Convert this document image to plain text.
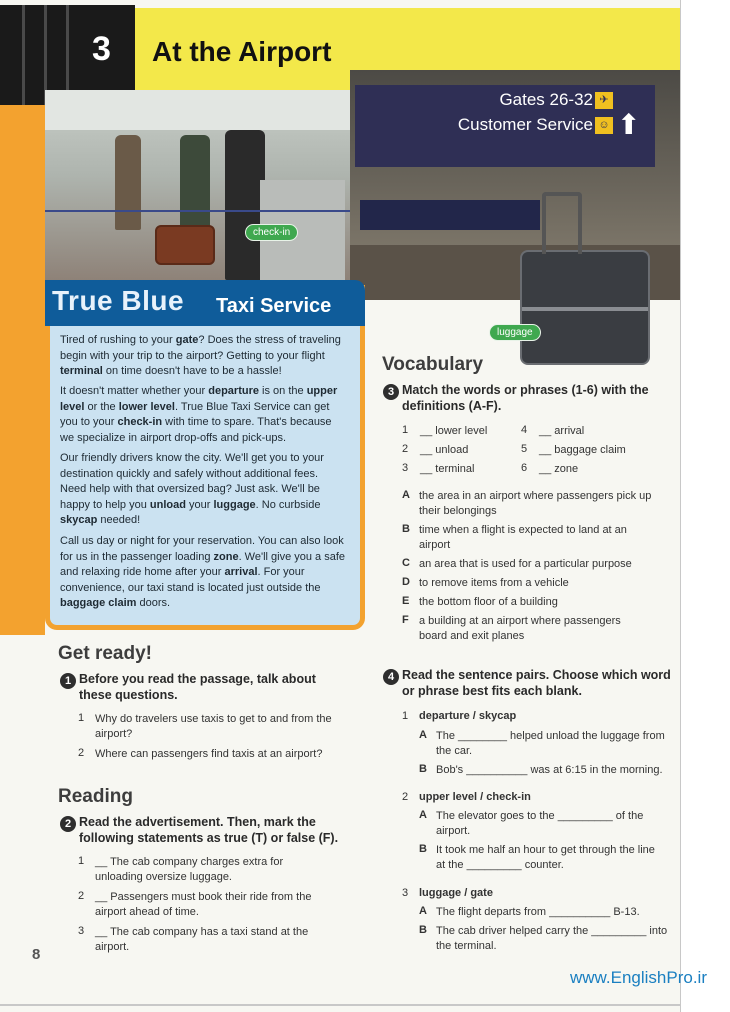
3 At the Airport
check-in
Gates 26-32
Customer Service
✈
☺ ⬆
luggage
True Blue Taxi Service
Tired of rushing to your gate? Does the stress of traveling begin with your trip to the airport? Getting to your flight terminal on time doesn't have to be a hassle!
It doesn't matter whether your departure is on the upper level or the lower level. True Blue Taxi Service can get you to your check-in with time to spare. That's because we specialize in airport drop-offs and pick-ups.
Our friendly drivers know the city. We'll get you to your destination quickly and safely without additional fees. Need help with that oversized bag? Just ask. We'll be happy to help you unload your luggage. No curbside skycap needed!
Call us day or night for your reservation. You can also look for us in the passenger loading zone. We'll give you a safe and relaxing ride home after your arrival. For your convenience, our taxi stand is located just outside the baggage claim doors.
Get ready!
1 Before you read the passage, talk about these questions.
1 Why do travelers use taxis to get to and from the airport?
2 Where can passengers find taxis at an airport?
Reading
2 Read the advertisement. Then, mark the following statements as true (T) or false (F).
1 __ The cab company charges extra for unloading oversize luggage.
2 __ Passengers must book their ride from the airport ahead of time.
3 __ The cab company has a taxi stand at the airport.
Vocabulary
3 Match the words or phrases (1-6) with the definitions (A-F).
1 __ lower level
2 __ unload
3 __ terminal
4 __ arrival
5 __ baggage claim
6 __ zone
A the area in an airport where passengers pick up their belongings
B time when a flight is expected to land at an airport
C an area that is used for a particular purpose
D to remove items from a vehicle
E the bottom floor of a building
F a building at an airport where passengers board and exit planes
4 Read the sentence pairs. Choose which word or phrase best fits each blank.
1 departure / skycap
A The ________ helped unload the luggage from the car.
B Bob's __________ was at 6:15 in the morning.
2 upper level / check-in
A The elevator goes to the _________ of the airport.
B It took me half an hour to get through the line at the _________ counter.
3 luggage / gate
A The flight departs from __________ B-13.
B The cab driver helped carry the _________ into the terminal.
8
www.EnglishPro.ir
